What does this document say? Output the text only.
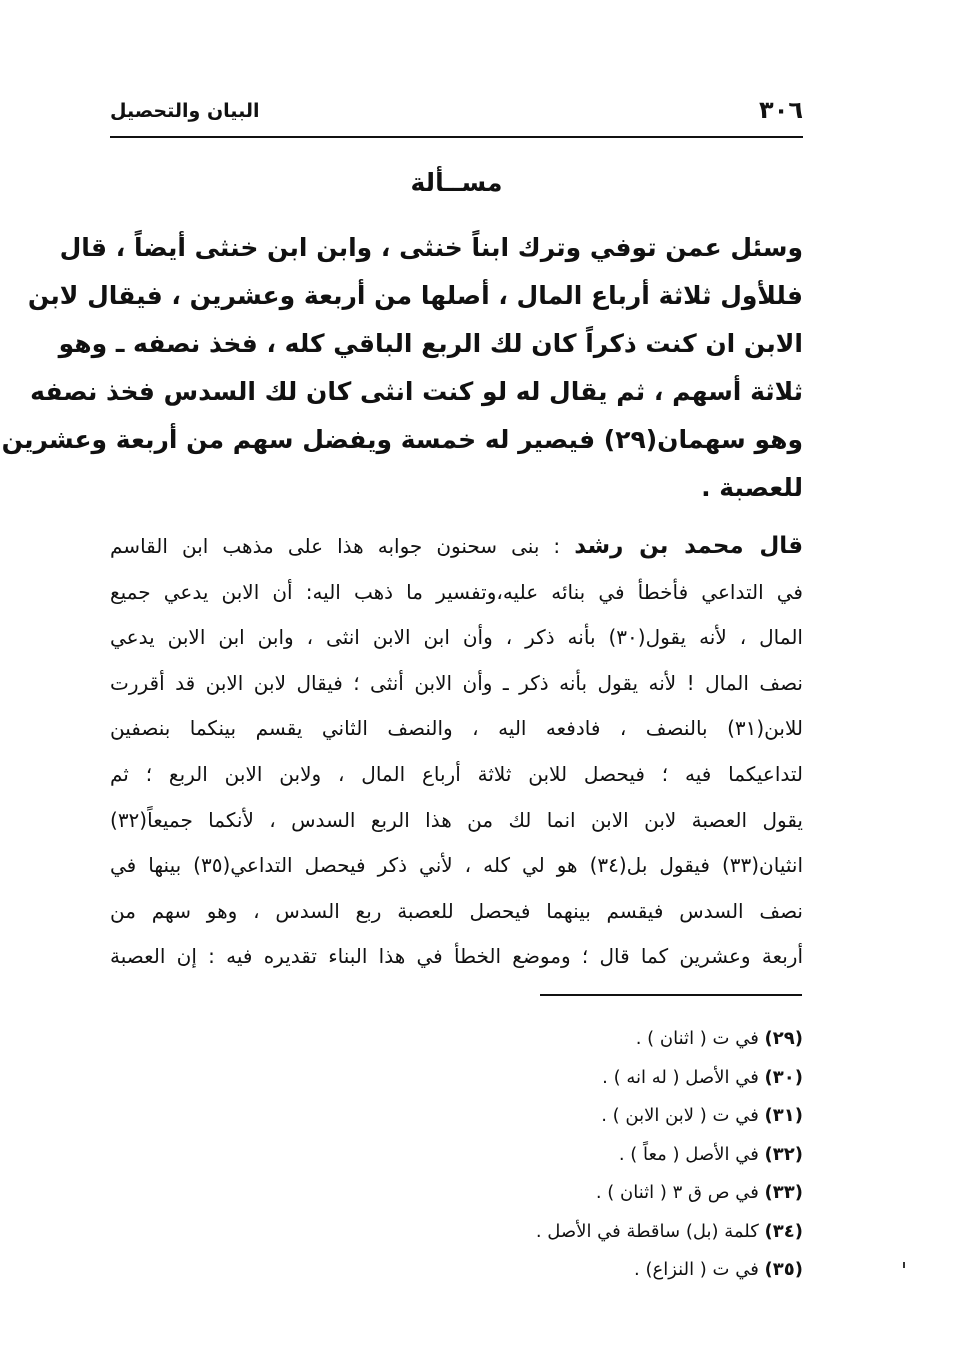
البيان والتحصيل	٣٠٦
مســألة
وسئل عمن توفي وترك ابناً خنثى ، وابن ابن خنثى أيضاً ، قال
فللأول ثلاثة أرباع المال ، أصلها من أربعة وعشرين ، فيقال لابن
الابن ان كنت ذكراً كان لك الربع الباقي كله ، فخذ نصفه ـ وهو
ثلاثة أسهم ، ثم يقال له لو كنت انثى كان لك السدس فخذ نصفه
وهو سهمان(٢٩) فيصير له خمسة ويفضل سهم من أربعة وعشرين
للعصبة .
قال محمد بن رشد : بنى سحنون جوابه هذا على مذهب ابن القاسم
في التداعي فأخطأ في بنائه عليه،وتفسير ما ذهب اليه: أن الابن يدعي جميع
المال ، لأنه يقول(٣٠) بأنه ذكر ، وأن ابن الابن انثى ، وابن ابن الابن يدعي
نصف المال ! لأنه يقول بأنه ذكر ـ وأن الابن أنثى ؛ فيقال لابن الابن قد أقررت
للابن(٣١) بالنصف ، فادفعه اليه ، والنصف الثاني يقسم بينكما بنصفين
لتداعيكما فيه ؛ فيحصل للابن ثلاثة أرباع المال ، ولابن الابن الربع ؛ ثم
يقول العصبة لابن الابن انما لك من هذا الربع السدس ، لأنكما جميعاً(٣٢)
انثيان(٣٣) فيقول بل(٣٤) هو لي كله ، لأني ذكر فيحصل التداعي(٣٥) بينها في
نصف السدس فيقسم بينهما فيحصل للعصبة ربع السدس ، وهو سهم من
أربعة وعشرين كما قال ؛ وموضع الخطأ في هذا البناء تقديره فيه : إن العصبة
(٢٩) في ت ( اثنان ) .
(٣٠) في الأصل ( له انه ) .
(٣١) في ت ( لابن الابن ) .
(٣٢) في الأصل ( معاً ) .
(٣٣) في ص ق ٣ ( اثنان ) .
(٣٤) كلمة (بل) ساقطة في الأصل .
(٣٥) في ت ( النزاع) .
